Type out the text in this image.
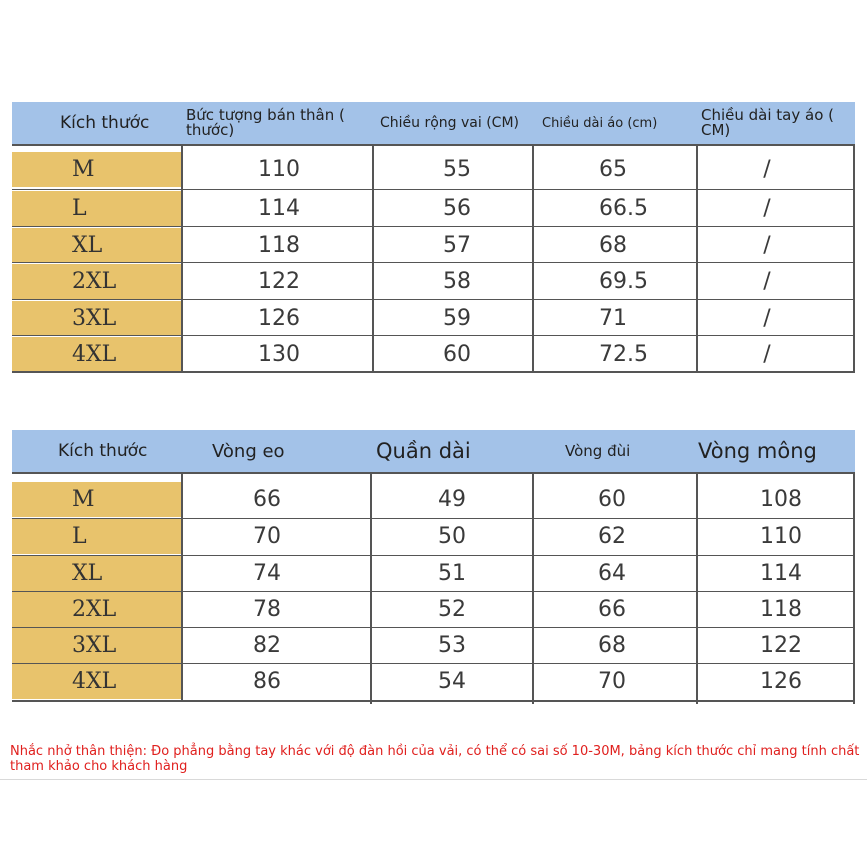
Kích thước	Bức tượng bán thân ( thước)	Chiều rộng vai (CM)	Chiều dài áo (cm)	Chiều dài tay áo ( CM)
M	110	55	65	/
L	114	56	66.5	/
XL	118	57	68	/
2XL	122	58	69.5	/
3XL	126	59	71	/
4XL	130	60	72.5	/
Kích thước	Vòng eo	Quần dài	Vòng đùi	Vòng mông
M	66	49	60	108
L	70	50	62	110
XL	74	51	64	114
2XL	78	52	66	118
3XL	82	53	68	122
4XL	86	54	70	126
Nhắc nhở thân thiện: Đo phẳng bằng tay khác với độ đàn hồi của vải, có thể có sai số 10-30M, bảng kích thước chỉ mang tính chất tham khảo cho khách hàng
